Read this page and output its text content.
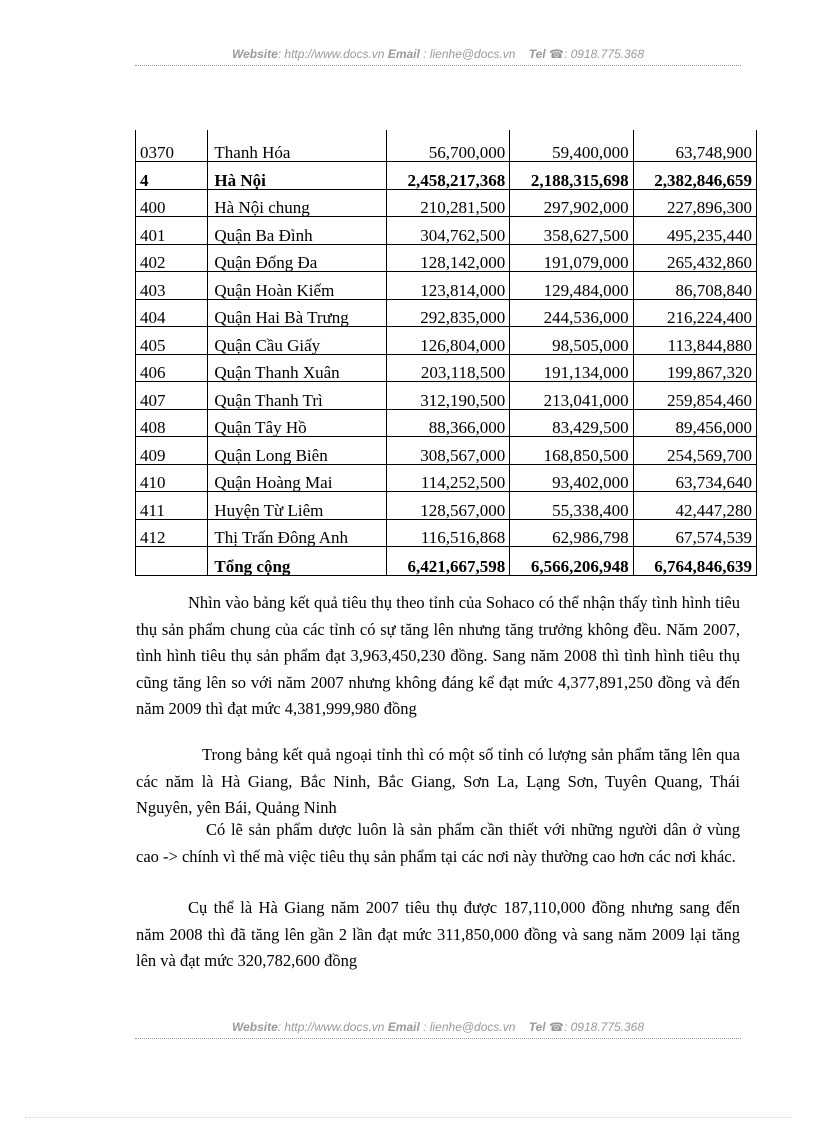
Website: http://www.docs.vn Email : lienhe@docs.vn Tel ☎: 0918.775.368
0370	Thanh Hóa	56,700,000	59,400,000	63,748,900
4	Hà Nội	2,458,217,368	2,188,315,698	2,382,846,659
400	Hà Nội chung	210,281,500	297,902,000	227,896,300
401	Quận Ba Đình	304,762,500	358,627,500	495,235,440
402	Quận Đống Đa	128,142,000	191,079,000	265,432,860
403	Quận Hoàn Kiếm	123,814,000	129,484,000	86,708,840
404	Quận Hai Bà Trưng	292,835,000	244,536,000	216,224,400
405	Quận Cầu Giấy	126,804,000	98,505,000	113,844,880
406	Quận Thanh Xuân	203,118,500	191,134,000	199,867,320
407	Quận Thanh Trì	312,190,500	213,041,000	259,854,460
408	Quận Tây Hồ	88,366,000	83,429,500	89,456,000
409	Quận Long Biên	308,567,000	168,850,500	254,569,700
410	Quận Hoàng Mai	114,252,500	93,402,000	63,734,640
411	Huyện Từ Liêm	128,567,000	55,338,400	42,447,280
412	Thị Trấn Đông Anh	116,516,868	62,986,798	67,574,539
	Tổng cộng	6,421,667,598	6,566,206,948	6,764,846,639
Nhìn vào bảng kết quả tiêu thụ theo tỉnh của Sohaco có thể nhận thấy tình hình tiêu thụ sản phẩm chung của các tỉnh có sự tăng lên nhưng tăng trưởng không đều. Năm 2007, tình hình tiêu thụ sản phẩm đạt 3,963,450,230 đồng. Sang năm 2008 thì tình hình tiêu thụ cũng tăng lên so với năm 2007 nhưng không đáng kể đạt mức 4,377,891,250 đồng và đến năm 2009 thì đạt mức 4,381,999,980 đồng
Trong bảng kết quả ngoại tỉnh thì có một số tỉnh có lượng sản phẩm tăng lên qua các năm là Hà Giang, Bắc Ninh, Bắc Giang, Sơn La, Lạng Sơn, Tuyên Quang, Thái Nguyên, yên Bái, Quảng Ninh
Có lẽ sản phẩm dược luôn là sản phẩm cần thiết với những người dân ở vùng cao -> chính vì thế mà việc tiêu thụ sản phẩm tại các nơi này thường cao hơn các nơi khác.
Cụ thể là Hà Giang năm 2007 tiêu thụ được 187,110,000 đồng nhưng sang đến năm 2008 thì đã tăng lên gần 2 lần đạt mức 311,850,000 đồng và sang năm 2009 lại tăng lên và đạt mức 320,782,600 đồng
Website: http://www.docs.vn Email : lienhe@docs.vn Tel ☎: 0918.775.368
